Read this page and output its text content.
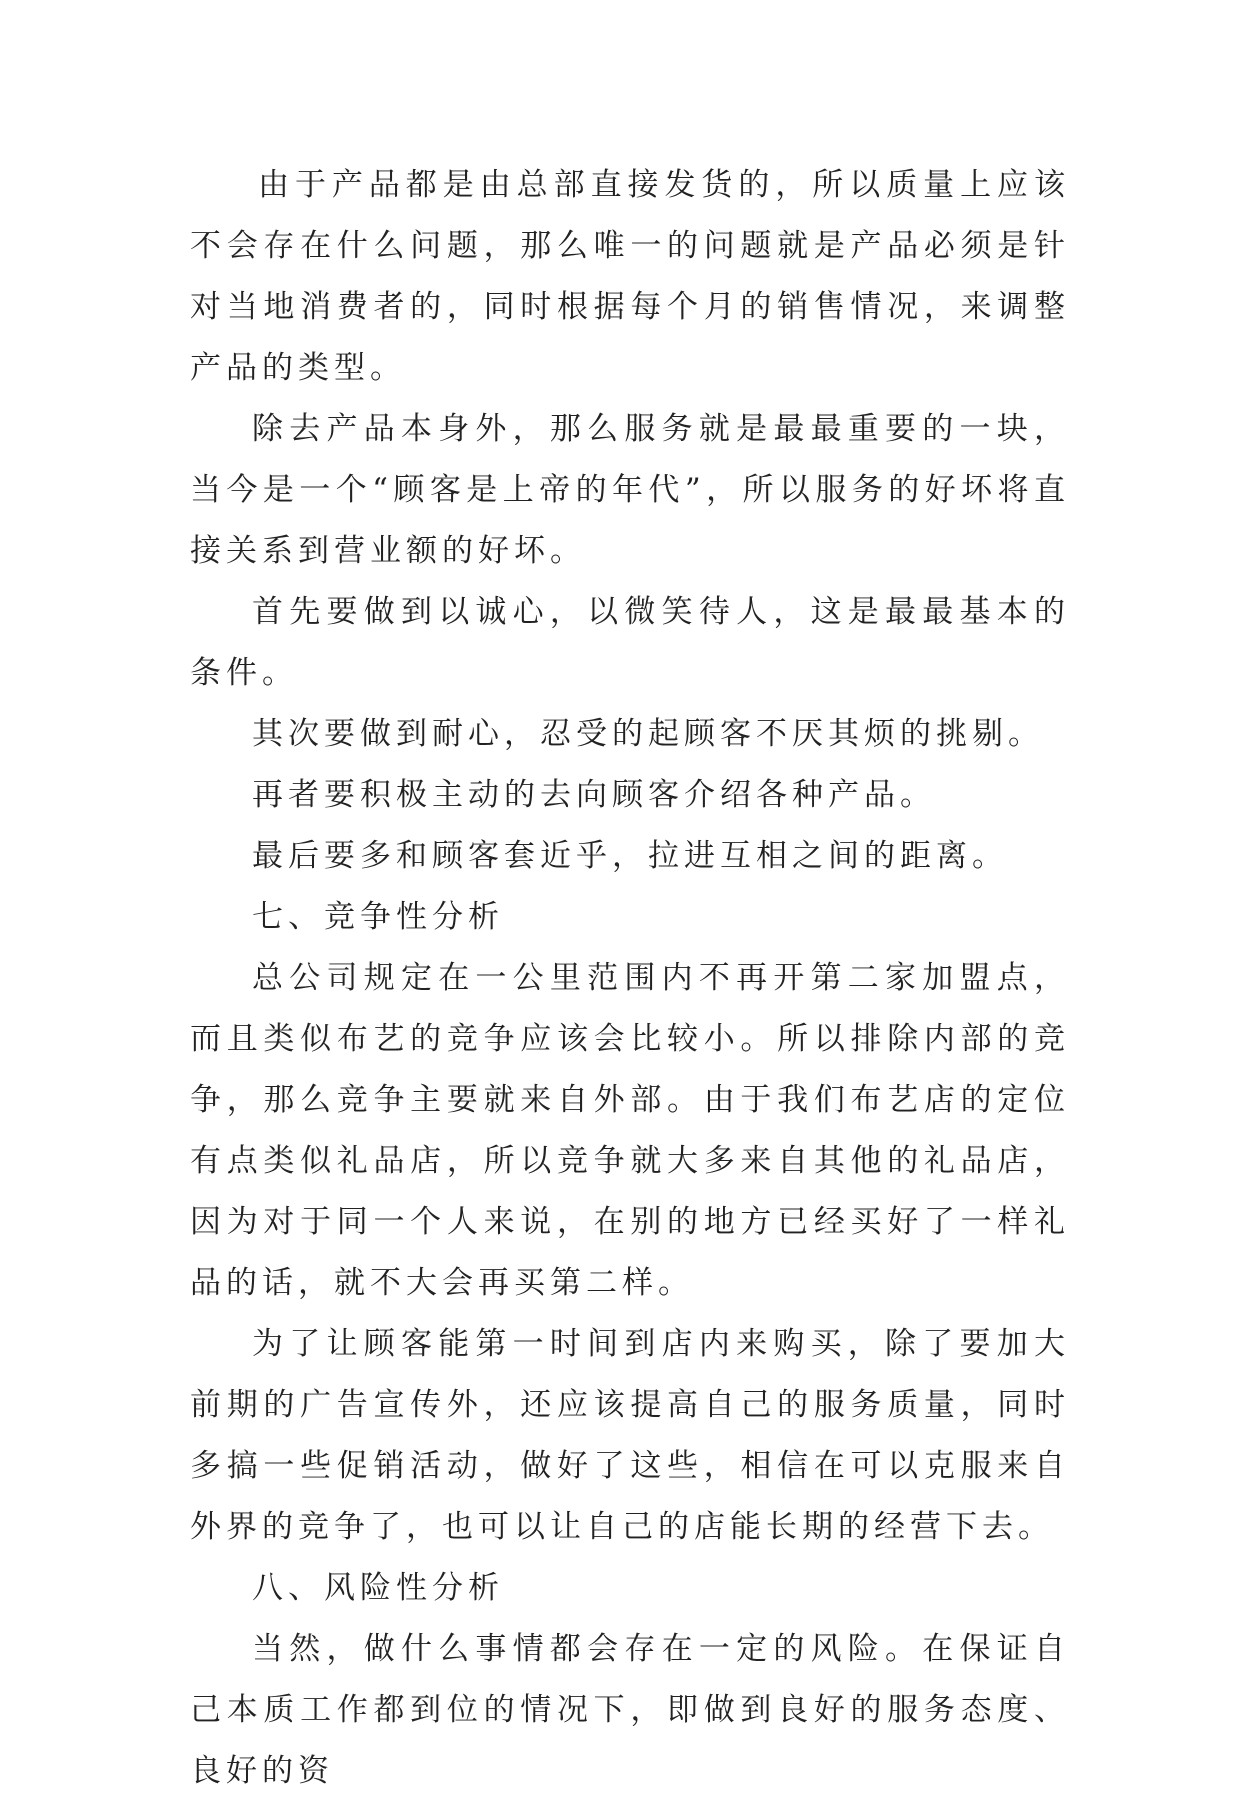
由于产品都是由总部直接发货的，所以质量上应该不会存在什么问题，那么唯一的问题就是产品必须是针对当地消费者的，同时根据每个月的销售情况，来调整产品的类型。

除去产品本身外，那么服务就是最最重要的一块，当今是一个“顾客是上帝的年代”，所以服务的好坏将直接关系到营业额的好坏。

首先要做到以诚心，以微笑待人，这是最最基本的条件。

其次要做到耐心，忍受的起顾客不厌其烦的挑剔。

再者要积极主动的去向顾客介绍各种产品。

最后要多和顾客套近乎，拉进互相之间的距离。

七、竞争性分析

总公司规定在一公里范围内不再开第二家加盟点，而且类似布艺的竞争应该会比较小。所以排除内部的竞争，那么竞争主要就来自外部。由于我们布艺店的定位有点类似礼品店，所以竞争就大多来自其他的礼品店，因为对于同一个人来说，在别的地方已经买好了一样礼品的话，就不大会再买第二样。

为了让顾客能第一时间到店内来购买，除了要加大前期的广告宣传外，还应该提高自己的服务质量，同时多搞一些促销活动，做好了这些，相信在可以克服来自外界的竞争了，也可以让自己的店能长期的经营下去。

八、风险性分析

当然，做什么事情都会存在一定的风险。在保证自己本质工作都到位的情况下，即做到良好的服务态度、良好的资
